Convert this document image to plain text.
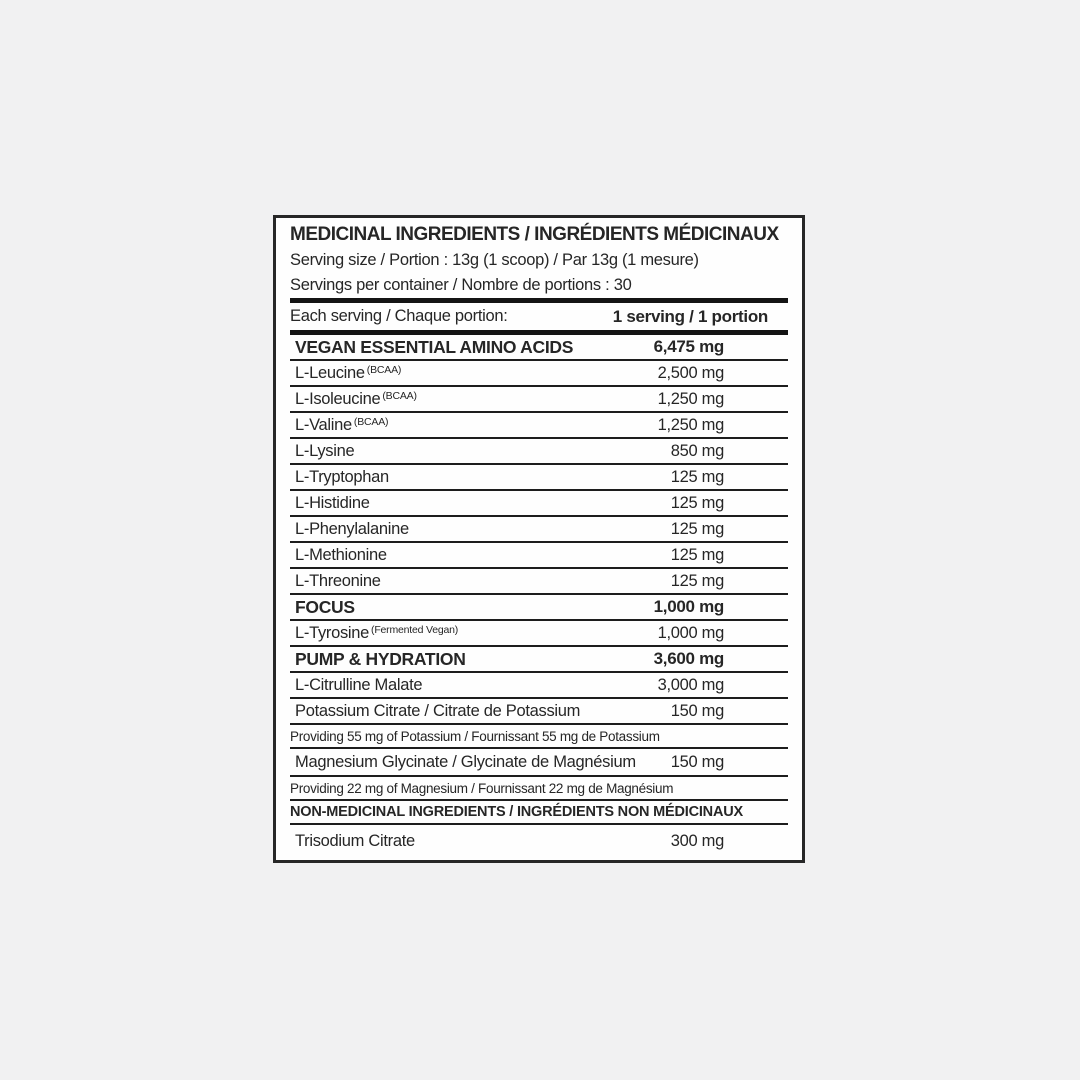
MEDICINAL INGREDIENTS / INGRÉDIENTS MÉDICINAUX
Serving size / Portion : 13g (1 scoop) / Par 13g (1 mesure)
Servings per container / Nombre de portions : 30
Each serving / Chaque portion:	1 serving / 1 portion
VEGAN ESSENTIAL AMINO ACIDS	6,475 mg
L-Leucine $^{(BCAA)}$	2,500 mg
L-Isoleucine $^{(BCAA)}$	1,250 mg
L-Valine $^{(BCAA)}$	1,250 mg
L-Lysine	850 mg
L-Tryptophan	125 mg
L-Histidine	125 mg
L-Phenylalanine	125 mg
L-Methionine	125 mg
L-Threonine	125 mg
FOCUS	1,000 mg
L-Tyrosine $^{(Fermented Vegan)}$	1,000 mg
PUMP & HYDRATION	3,600 mg
L-Citrulline Malate	3,000 mg
Potassium Citrate / Citrate de Potassium	150 mg
Providing 55 mg of Potassium / Fournissant 55 mg de Potassium
Magnesium Glycinate / Glycinate de Magnésium 150 mg
Providing 22 mg of Magnesium / Fournissant 22 mg de Magnésium
NON-MEDICINAL INGREDIENTS / INGRÉDIENTS NON MÉDICINAUX
Trisodium Citrate	300 mg
